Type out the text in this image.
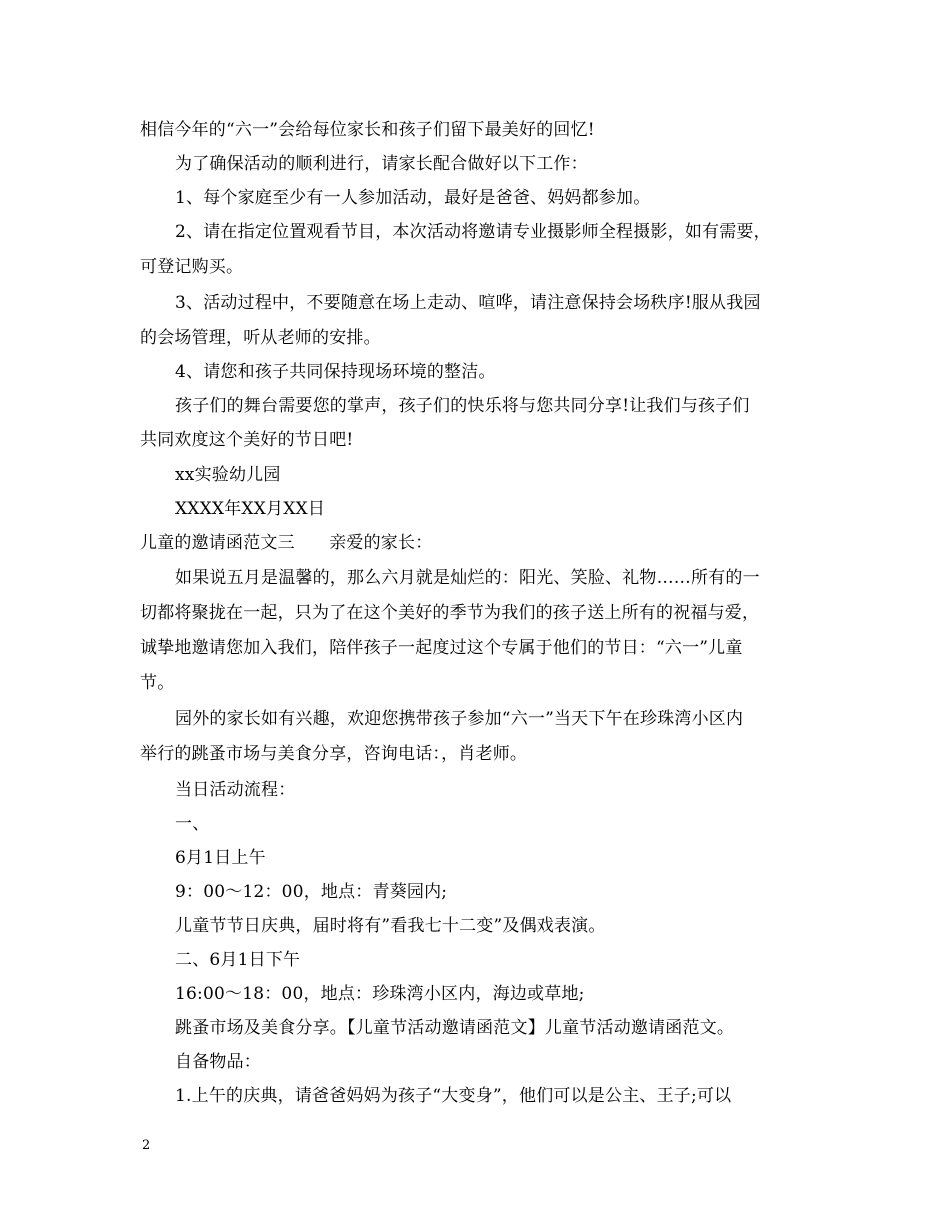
相信今年的“六一”会给每位家长和孩子们留下最美好的回忆!
为了确保活动的顺利进行，请家长配合做好以下工作：
1、每个家庭至少有一人参加活动，最好是爸爸、妈妈都参加。
2、请在指定位置观看节目，本次活动将邀请专业摄影师全程摄影，如有需要，
可登记购买。
3、活动过程中，不要随意在场上走动、喧哗，请注意保持会场秩序!服从我园
的会场管理，听从老师的安排。
4、请您和孩子共同保持现场环境的整洁。
孩子们的舞台需要您的掌声，孩子们的快乐将与您共同分享!让我们与孩子们
共同欢度这个美好的节日吧!
xx实验幼儿园
XXXX年XX月XX日
儿童的邀请函范文三　　亲爱的家长：
如果说五月是温馨的，那么六月就是灿烂的：阳光、笑脸、礼物……所有的一
切都将聚拢在一起，只为了在这个美好的季节为我们的孩子送上所有的祝福与爱，
诚挚地邀请您加入我们，陪伴孩子一起度过这个专属于他们的节日：“六一”儿童
节。
园外的家长如有兴趣，欢迎您携带孩子参加“六一”当天下午在珍珠湾小区内
举行的跳蚤市场与美食分享，咨询电话：，肖老师。
当日活动流程：
一、
6月1日上午
9：00～12：00，地点：青葵园内;
儿童节节日庆典，届时将有”看我七十二变”及偶戏表演。
二、6月1日下午
16:00～18：00，地点：珍珠湾小区内，海边或草地;
跳蚤市场及美食分享。【儿童节活动邀请函范文】儿童节活动邀请函范文。
自备物品：
1.上午的庆典，请爸爸妈妈为孩子“大变身”，他们可以是公主、王子;可以
2
